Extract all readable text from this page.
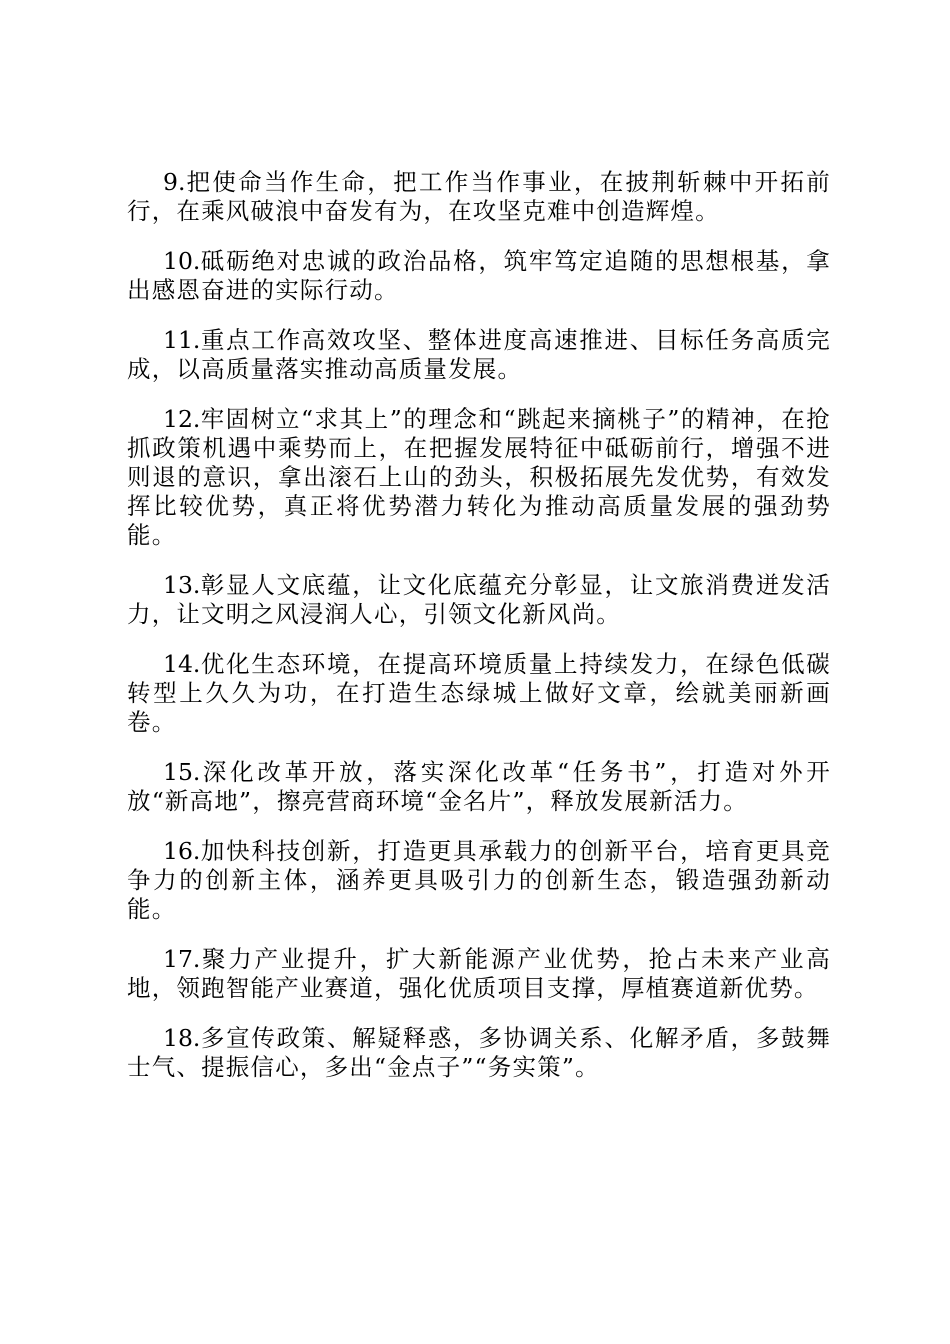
9.把使命当作生命，把工作当作事业，在披荆斩棘中开拓前行，在乘风破浪中奋发有为，在攻坚克难中创造辉煌。

10.砥砺绝对忠诚的政治品格，筑牢笃定追随的思想根基，拿出感恩奋进的实际行动。

11.重点工作高效攻坚、整体进度高速推进、目标任务高质完成，以高质量落实推动高质量发展。

12.牢固树立“求其上”的理念和“跳起来摘桃子”的精神，在抢抓政策机遇中乘势而上，在把握发展特征中砥砺前行，增强不进则退的意识，拿出滚石上山的劲头，积极拓展先发优势，有效发挥比较优势，真正将优势潜力转化为推动高质量发展的强劲势能。

13.彰显人文底蕴，让文化底蕴充分彰显，让文旅消费迸发活力，让文明之风浸润人心，引领文化新风尚。

14.优化生态环境，在提高环境质量上持续发力，在绿色低碳转型上久久为功，在打造生态绿城上做好文章，绘就美丽新画卷。

15.深化改革开放，落实深化改革“任务书”，打造对外开放“新高地”，擦亮营商环境“金名片”，释放发展新活力。

16.加快科技创新，打造更具承载力的创新平台，培育更具竞争力的创新主体，涵养更具吸引力的创新生态，锻造强劲新动能。

17.聚力产业提升，扩大新能源产业优势，抢占未来产业高地，领跑智能产业赛道，强化优质项目支撑，厚植赛道新优势。

18.多宣传政策、解疑释惑，多协调关系、化解矛盾，多鼓舞士气、提振信心，多出“金点子”“务实策”。
